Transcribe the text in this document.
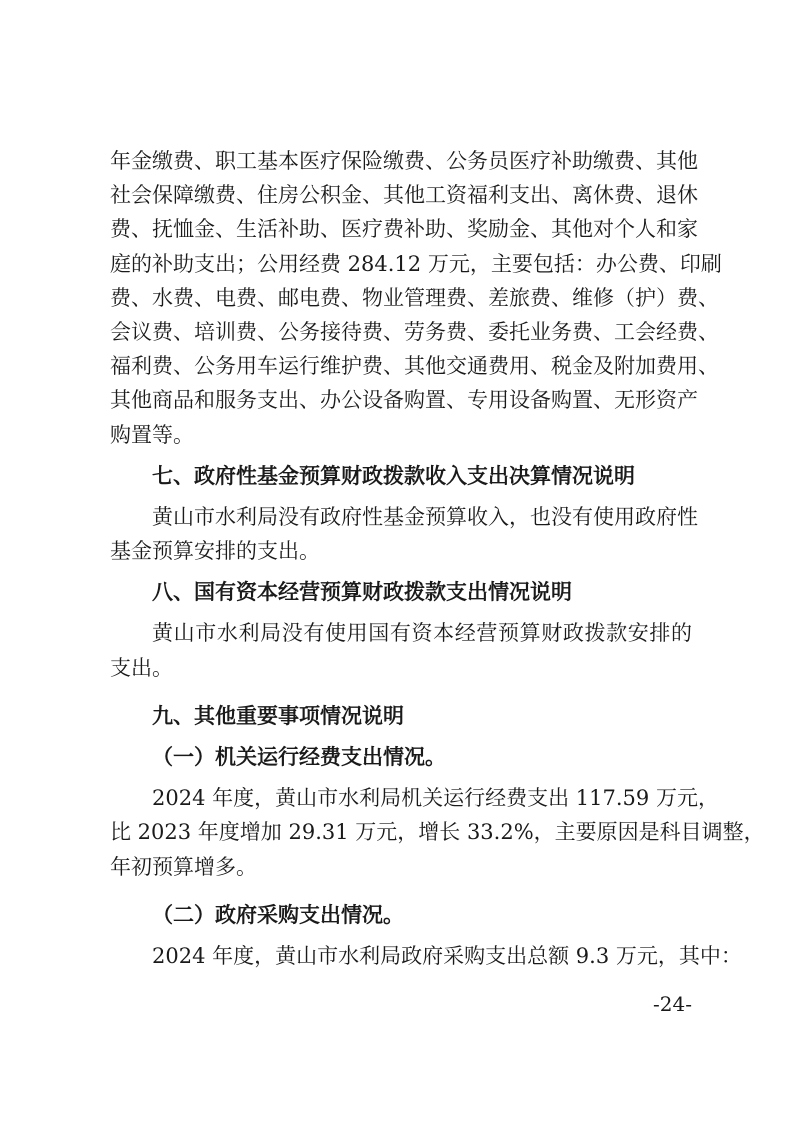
年金缴费、职工基本医疗保险缴费、公务员医疗补助缴费、其他
社会保障缴费、住房公积金、其他工资福利支出、离休费、退休
费、抚恤金、生活补助、医疗费补助、奖励金、其他对个人和家
庭的补助支出；公用经费 284.12 万元，主要包括：办公费、印刷
费、水费、电费、邮电费、物业管理费、差旅费、维修（护）费、
会议费、培训费、公务接待费、劳务费、委托业务费、工会经费、
福利费、公务用车运行维护费、其他交通费用、税金及附加费用、
其他商品和服务支出、办公设备购置、专用设备购置、无形资产
购置等。
七、政府性基金预算财政拨款收入支出决算情况说明
黄山市水利局没有政府性基金预算收入，也没有使用政府性
基金预算安排的支出。
八、国有资本经营预算财政拨款支出情况说明
黄山市水利局没有使用国有资本经营预算财政拨款安排的
支出。
九、其他重要事项情况说明
（一）机关运行经费支出情况。
2024 年度，黄山市水利局机关运行经费支出 117.59 万元，
比 2023 年度增加 29.31 万元，增长 33.2%，主要原因是科目调整，
年初预算增多。
（二）政府采购支出情况。
2024 年度，黄山市水利局政府采购支出总额 9.3 万元，其中：
-24-
